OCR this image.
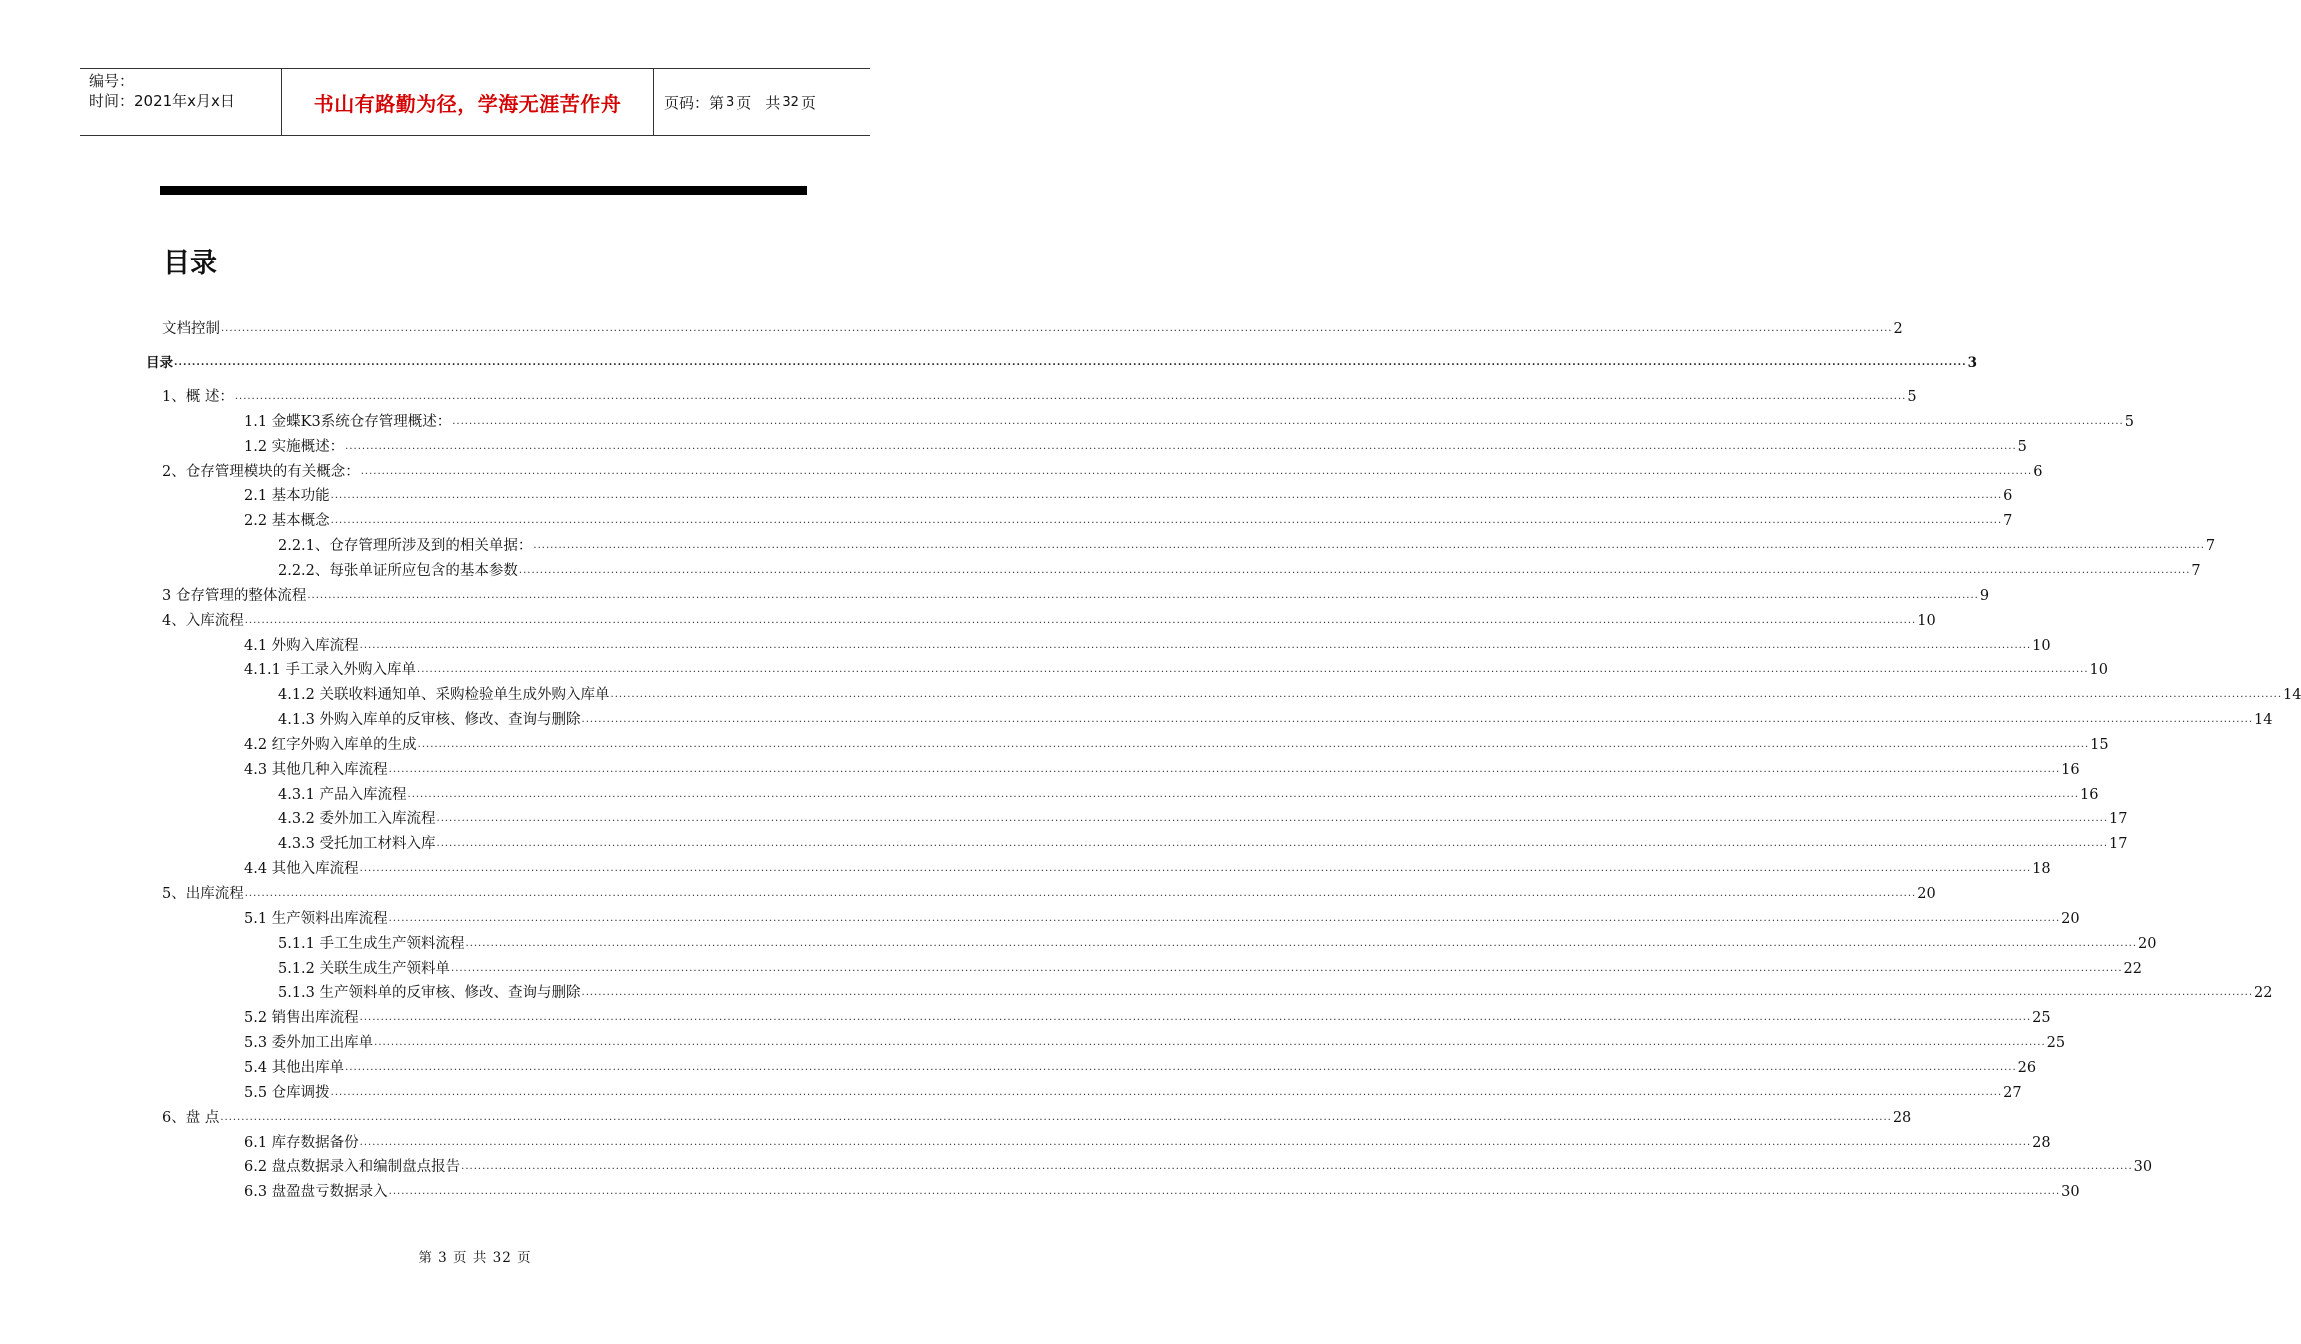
编号：
时间：2021年x月x日	书山有路勤为径，学海无涯苦作舟	页码：第 3 页 共 32 页
目录
文档控制 ................................................................................................................................................................................................................................................................................................................................................................................................................ 2
目录 ................................................................................................................................................................................................................................................................................................................................................................................................................ 3
1、概 述： ................................................................................................................................................................................................................................................................................................................................................................................................................ 5
1.1 金蝶K3系统仓存管理概述： ................................................................................................................................................................................................................................................................................................................................................................................................................ 5
1.2 实施概述： ................................................................................................................................................................................................................................................................................................................................................................................................................ 5
2、仓存管理模块的有关概念： ................................................................................................................................................................................................................................................................................................................................................................................................................ 6
2.1 基本功能 ................................................................................................................................................................................................................................................................................................................................................................................................................ 6
2.2 基本概念 ................................................................................................................................................................................................................................................................................................................................................................................................................ 7
2.2.1、仓存管理所涉及到的相关单据： ................................................................................................................................................................................................................................................................................................................................................................................................................ 7
2.2.2、每张单证所应包含的基本参数 ................................................................................................................................................................................................................................................................................................................................................................................................................ 7
3 仓存管理的整体流程 ................................................................................................................................................................................................................................................................................................................................................................................................................ 9
4、入库流程 ................................................................................................................................................................................................................................................................................................................................................................................................................ 10
4.1 外购入库流程 ................................................................................................................................................................................................................................................................................................................................................................................................................ 10
4.1.1 手工录入外购入库单 ................................................................................................................................................................................................................................................................................................................................................................................................................ 10
4.1.2 关联收料通知单、采购检验单生成外购入库单 ................................................................................................................................................................................................................................................................................................................................................................................................................ 14
4.1.3 外购入库单的反审核、修改、查询与删除 ................................................................................................................................................................................................................................................................................................................................................................................................................ 14
4.2 红字外购入库单的生成 ................................................................................................................................................................................................................................................................................................................................................................................................................ 15
4.3 其他几种入库流程 ................................................................................................................................................................................................................................................................................................................................................................................................................ 16
4.3.1 产品入库流程 ................................................................................................................................................................................................................................................................................................................................................................................................................ 16
4.3.2 委外加工入库流程 ................................................................................................................................................................................................................................................................................................................................................................................................................ 17
4.3.3 受托加工材料入库 ................................................................................................................................................................................................................................................................................................................................................................................................................ 17
4.4 其他入库流程 ................................................................................................................................................................................................................................................................................................................................................................................................................ 18
5、出库流程 ................................................................................................................................................................................................................................................................................................................................................................................................................ 20
5.1 生产领料出库流程 ................................................................................................................................................................................................................................................................................................................................................................................................................ 20
5.1.1 手工生成生产领料流程 ................................................................................................................................................................................................................................................................................................................................................................................................................ 20
5.1.2 关联生成生产领料单 ................................................................................................................................................................................................................................................................................................................................................................................................................ 22
5.1.3 生产领料单的反审核、修改、查询与删除 ................................................................................................................................................................................................................................................................................................................................................................................................................ 22
5.2 销售出库流程 ................................................................................................................................................................................................................................................................................................................................................................................................................ 25
5.3 委外加工出库单 ................................................................................................................................................................................................................................................................................................................................................................................................................ 25
5.4 其他出库单 ................................................................................................................................................................................................................................................................................................................................................................................................................ 26
5.5 仓库调拨 ................................................................................................................................................................................................................................................................................................................................................................................................................ 27
6、盘 点 ................................................................................................................................................................................................................................................................................................................................................................................................................ 28
6.1 库存数据备份 ................................................................................................................................................................................................................................................................................................................................................................................................................ 28
6.2 盘点数据录入和编制盘点报告 ................................................................................................................................................................................................................................................................................................................................................................................................................ 30
6.3 盘盈盘亏数据录入 ................................................................................................................................................................................................................................................................................................................................................................................................................ 30
第 3 页 共 32 页
